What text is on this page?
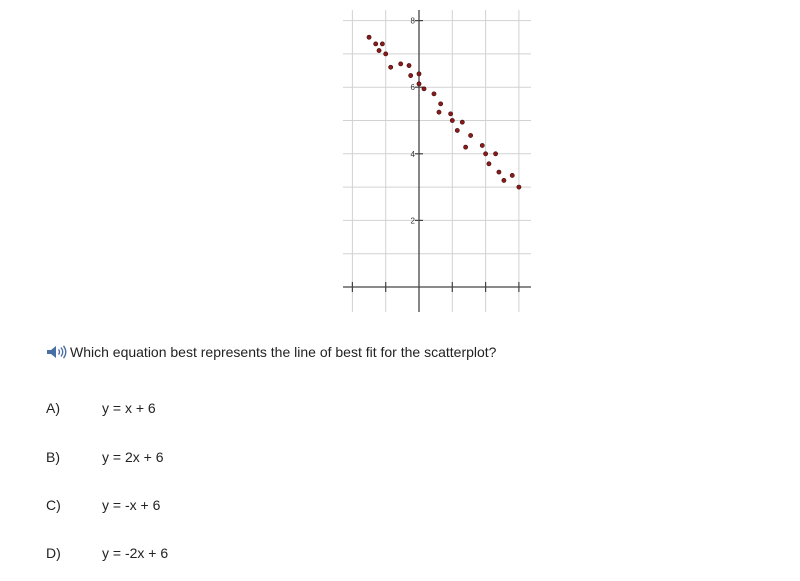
2
4
6
8
Which equation best represents the line of best fit for the scatterplot?
A)	y = x + 6
B)	y = 2x + 6
C)	y = -x + 6
D)	y = -2x + 6
